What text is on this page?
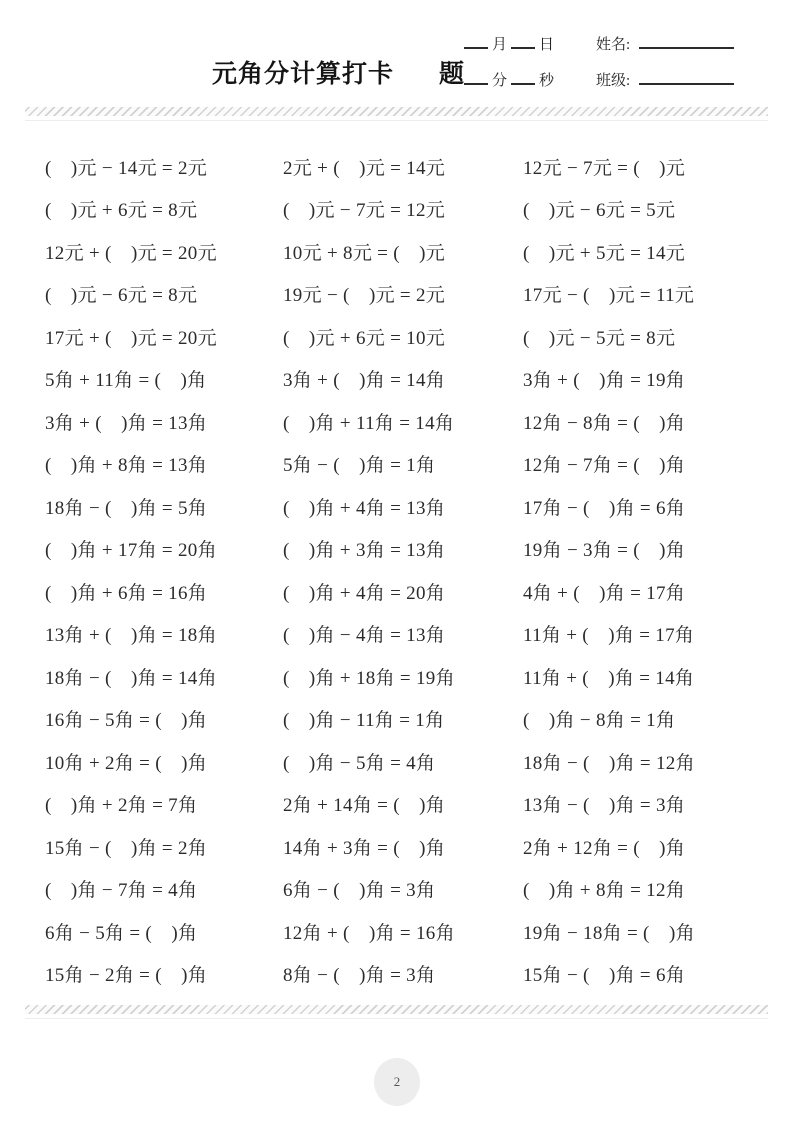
元角分计算打卡 题
月 日	姓名:
分 秒	班级:
(　)元 − 14元 = 2元
(　)元 + 6元 = 8元
12元 + (　)元 = 20元
(　)元 − 6元 = 8元
17元 + (　)元 = 20元
5角 + 11角 = (　)角
3角 + (　)角 = 13角
(　)角 + 8角 = 13角
18角 − (　)角 = 5角
(　)角 + 17角 = 20角
(　)角 + 6角 = 16角
13角 + (　)角 = 18角
18角 − (　)角 = 14角
16角 − 5角 = (　)角
10角 + 2角 = (　)角
(　)角 + 2角 = 7角
15角 − (　)角 = 2角
(　)角 − 7角 = 4角
6角 − 5角 = (　)角
15角 − 2角 = (　)角
2元 + (　)元 = 14元
(　)元 − 7元 = 12元
10元 + 8元 = (　)元
19元 − (　)元 = 2元
(　)元 + 6元 = 10元
3角 + (　)角 = 14角
(　)角 + 11角 = 14角
5角 − (　)角 = 1角
(　)角 + 4角 = 13角
(　)角 + 3角 = 13角
(　)角 + 4角 = 20角
(　)角 − 4角 = 13角
(　)角 + 18角 = 19角
(　)角 − 11角 = 1角
(　)角 − 5角 = 4角
2角 + 14角 = (　)角
14角 + 3角 = (　)角
6角 − (　)角 = 3角
12角 + (　)角 = 16角
8角 − (　)角 = 3角
12元 − 7元 = (　)元
(　)元 − 6元 = 5元
(　)元 + 5元 = 14元
17元 − (　)元 = 11元
(　)元 − 5元 = 8元
3角 + (　)角 = 19角
12角 − 8角 = (　)角
12角 − 7角 = (　)角
17角 − (　)角 = 6角
19角 − 3角 = (　)角
4角 + (　)角 = 17角
11角 + (　)角 = 17角
11角 + (　)角 = 14角
(　)角 − 8角 = 1角
18角 − (　)角 = 12角
13角 − (　)角 = 3角
2角 + 12角 = (　)角
(　)角 + 8角 = 12角
19角 − 18角 = (　)角
15角 − (　)角 = 6角
2
